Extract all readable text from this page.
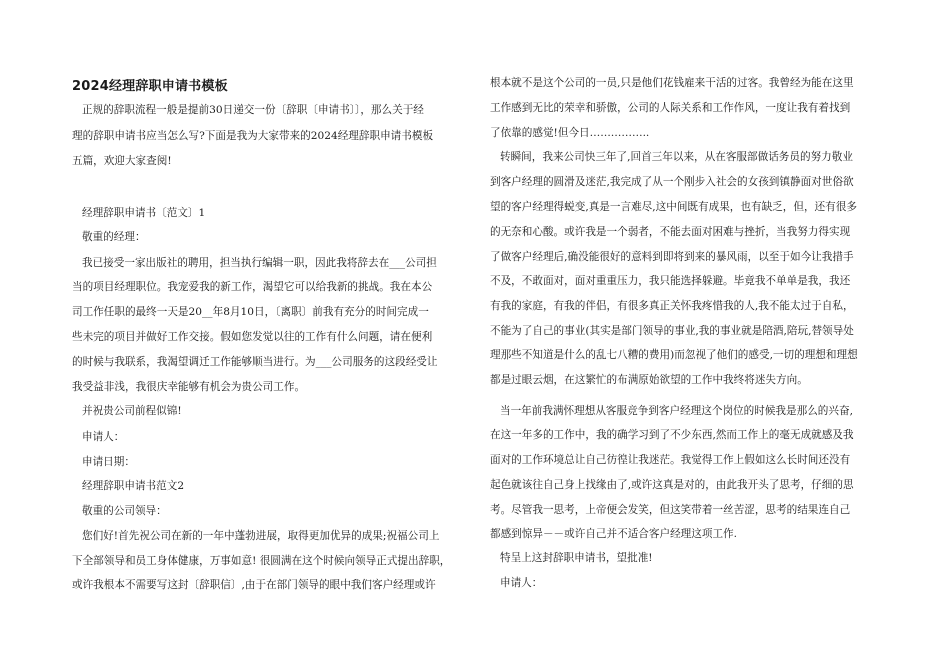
2024经理辞职申请书模板
正规的辞职流程一般是提前30日递交一份〔辞职〔申请书〕〕，那么关于经
理的辞职申请书应当怎么写?下面是我为大家带来的2024经理辞职申请书模板
五篇，欢迎大家查阅!
经理辞职申请书〔范文〕1
敬重的经理：
我已接受一家出版社的聘用，担当执行编辑一职，因此我将辞去在___公司担
当的项目经理职位。我宠爱我的新工作，渴望它可以给我新的挑战。我在本公
司工作任职的最终一天是20__年8月10日，〔离职〕前我有充分的时间完成一
些未完的项目并做好工作交接。假如您发觉以往的工作有什么问题，请在便利
的时候与我联系，我渴望调迁工作能够顺当进行。为___公司服务的这段经受让
我受益非浅，我很庆幸能够有机会为贵公司工作。
并祝贵公司前程似锦!
申请人：
申请日期：
经理辞职申请书范文2
敬重的公司领导：
您们好!首先祝公司在新的一年中蓬勃进展，取得更加优异的成果;祝福公司上
下全部领导和员工身体健康，万事如意! 很圆满在这个时候向领导正式提出辞职，
或许我根本不需要写这封〔辞职信〕,由于在部门领导的眼中我们客户经理或许
根本就不是这个公司的一员,只是他们花钱雇来干活的过客。我曾经为能在这里
工作感到无比的荣幸和骄傲，公司的人际关系和工作作风，一度让我有着找到
了依靠的感觉!但今日……………..
转瞬间，我来公司快三年了,回首三年以来，从在客服部做话务员的努力敬业
到客户经理的圆滑及迷茫,我完成了从一个刚步入社会的女孩到镇静面对世俗欲
望的客户经理得蜕变,真是一言难尽,这中间既有成果，也有缺乏，但，还有很多
的无奈和心酸。或许我是一个弱者，不能去面对困难与挫折，当我努力得实现
了做客户经理后,确没能很好的意料到即将到来的暴风雨，以至于如今让我措手
不及，不敢面对，面对重重压力，我只能选择躲避。毕竟我不单单是我，我还
有我的家庭，有我的伴侣，有很多真正关怀我疼惜我的人,我不能太过于自私，
不能为了自己的事业(其实是部门领导的事业,我的事业就是陪酒,陪玩,替领导处
理那些不知道是什么的乱七八糟的费用)而忽视了他们的感受,一切的理想和理想
都是过眼云烟，在这繁忙的布满原始欲望的工作中我终将迷失方向。
当一年前我满怀理想从客服竞争到客户经理这个岗位的时候我是那么的兴奋,
在这一年多的工作中，我的确学习到了不少东西,然而工作上的毫无成就感及我
面对的工作环境总让自己彷徨让我迷茫。我觉得工作上假如这么长时间还没有
起色就该往自己身上找缘由了,或许这真是对的，由此我开头了思考，仔细的思
考。尽管我一思考，上帝便会发笑，但这笑带着一丝苦涩，思考的结果连自己
都感到惊异－－或许自己并不适合客户经理这项工作.
特呈上这封辞职申请书，望批准!
申请人：
